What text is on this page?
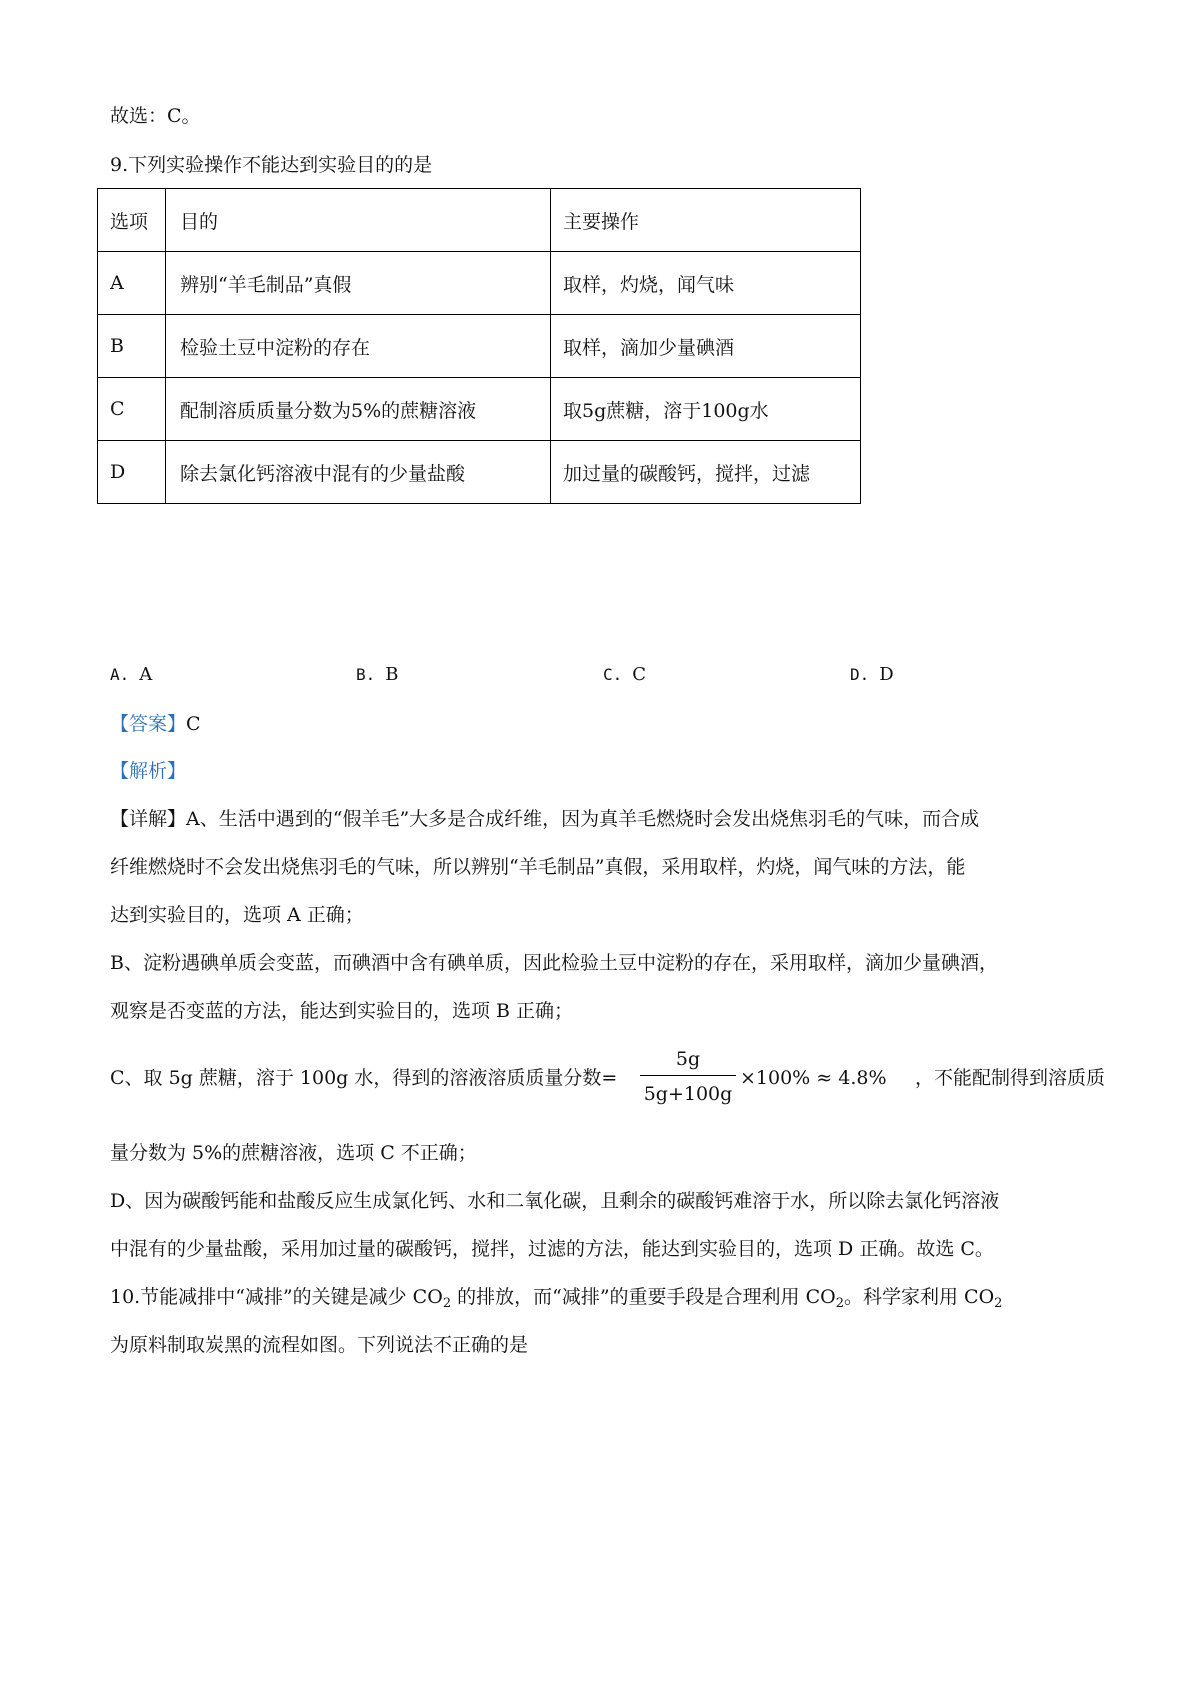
故选：C。

9.下列实验操作不能达到实验目的的是

选项	目的	主要操作
A	辨别“羊毛制品”真假	取样，灼烧，闻气味
B	检验土豆中淀粉的存在	取样，滴加少量碘酒
C	配制溶质质量分数为5%的蔗糖溶液	取5g蔗糖，溶于100g水
D	除去氯化钙溶液中混有的少量盐酸	加过量的碳酸钙，搅拌，过滤
A. A	B. B	C. C	D. D

【答案】C

【解析】

【详解】A、生活中遇到的“假羊毛”大多是合成纤维，因为真羊毛燃烧时会发出烧焦羽毛的气味，而合成

纤维燃烧时不会发出烧焦羽毛的气味，所以辨别“羊毛制品”真假，采用取样，灼烧，闻气味的方法，能

达到实验目的，选项 A 正确；

B、淀粉遇碘单质会变蓝，而碘酒中含有碘单质，因此检验土豆中淀粉的存在，采用取样，滴加少量碘酒，

观察是否变蓝的方法，能达到实验目的，选项 B 正确；

C、取 5g 蔗糖，溶于 100g 水，得到的溶液溶质质量分数=

5g
5g+100g

×100% ≈ 4.8% ，不能配制得到溶质质

量分数为 5%的蔗糖溶液，选项 C 不正确；

D、因为碳酸钙能和盐酸反应生成氯化钙、水和二氧化碳，且剩余的碳酸钙难溶于水，所以除去氯化钙溶液

中混有的少量盐酸，采用加过量的碳酸钙，搅拌，过滤的方法，能达到实验目的，选项 D 正确。故选 C。

10.节能减排中“减排”的关键是减少 $CO_2$ 的排放，而“减排”的重要手段是合理利用 $CO_2$。科学家利用 $CO_2$

为原料制取炭黑的流程如图。下列说法不正确的是
